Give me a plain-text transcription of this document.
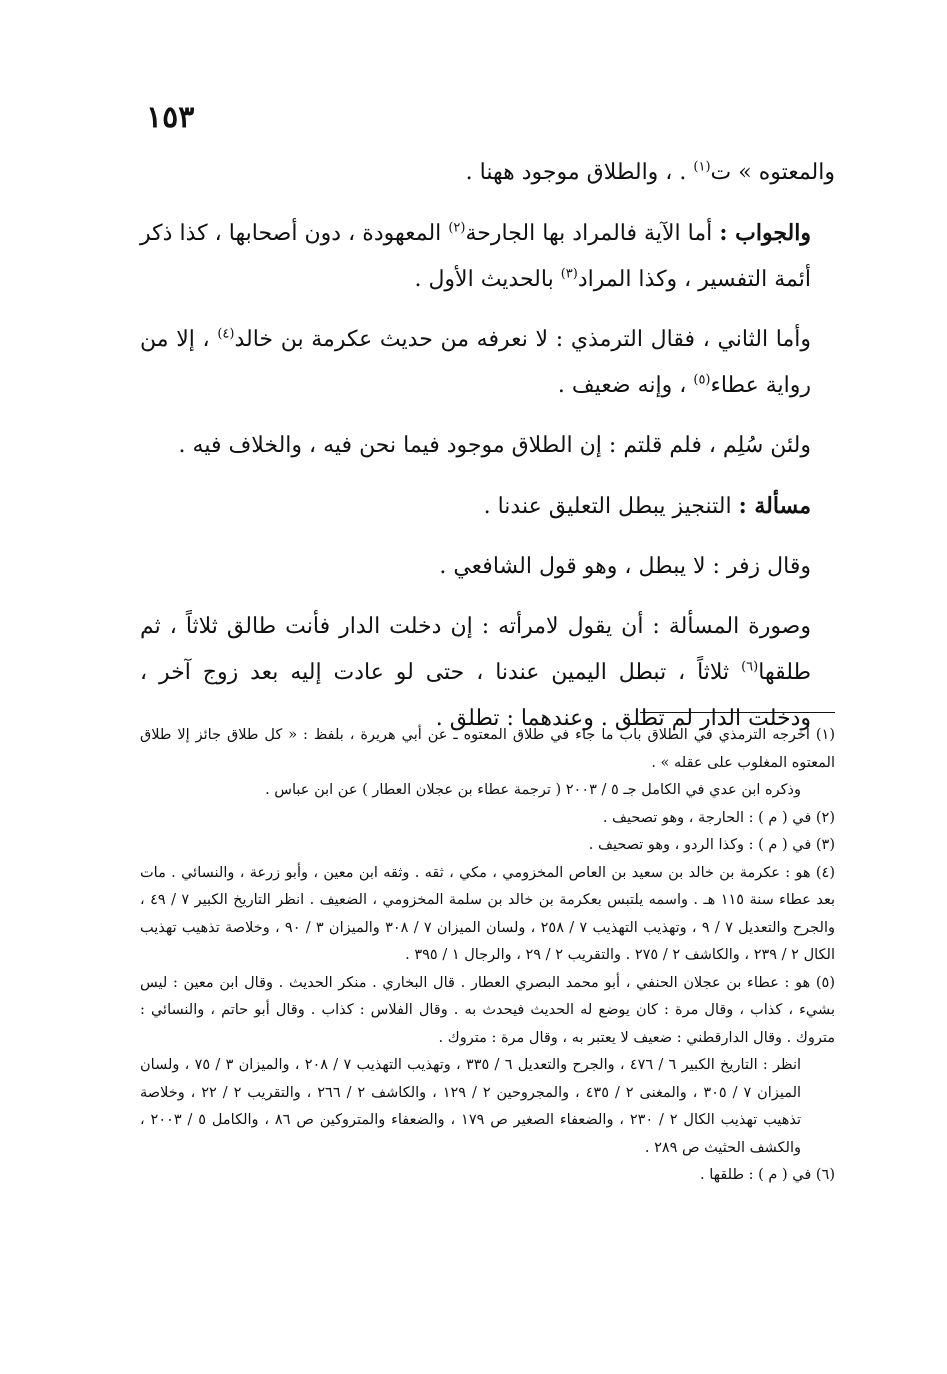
١٥٣

والمعتوه » ت$^{(١)}$ . ، والطلاق موجود ههنا .

والجواب : أما الآية فالمراد بها الجارحة$^{(٢)}$ المعهودة ، دون أصحابها ، كذا ذكر أئمة التفسير ، وكذا المراد$^{(٣)}$ بالحديث الأول .

وأما الثاني ، فقال الترمذي : لا نعرفه من حديث عكرمة بن خالد$^{(٤)}$ ، إلا من رواية عطاء$^{(٥)}$ ، وإنه ضعيف .

ولئن سُلِم ، فلم قلتم : إن الطلاق موجود فيما نحن فيه ، والخلاف فيه .

مسألة : التنجيز يبطل التعليق عندنا .

وقال زفر : لا يبطل ، وهو قول الشافعي .

وصورة المسألة : أن يقول لامرأته : إن دخلت الدار فأنت طالق ثلاثاً ، ثم طلقها$^{(٦)}$ ثلاثاً ، تبطل اليمين عندنا ، حتى لو عادت إليه بعد زوج آخر ، ودخلت الدار لم تطلق . وعندهما : تطلق .

(١) أخرجه الترمذي في الطلاق باب ما جاء في طلاق المعتوه ـ عن أبي هريرة ، بلفظ : « كل طلاق جائز إلا طلاق المعتوه المغلوب على عقله » .

وذكره ابن عدي في الكامل جـ ٥ / ٢٠٠٣ ( ترجمة عطاء بن عجلان العطار ) عن ابن عباس .

(٢) في ( م ) : الحارجة ، وهو تصحيف .

(٣) في ( م ) : وكذا الردو ، وهو تصحيف .

(٤) هو : عكرمة بن خالد بن سعيد بن العاص المخزومي ، مكي ، ثقه . وثقه ابن معين ، وأبو زرعة ، والنسائي . مات بعد عطاء سنة ١١٥ هـ . واسمه يلتبس بعكرمة بن خالد بن سلمة المخزومي ، الضعيف . انظر التاريخ الكبير ٧ / ٤٩ ، والجرح والتعديل ٧ / ٩ ، وتهذيب التهذيب ٧ / ٢٥٨ ، ولسان الميزان ٧ / ٣٠٨ والميزان ٣ / ٩٠ ، وخلاصة تذهيب تهذيب الكال ٢ / ٢٣٩ ، والكاشف ٢ / ٢٧٥ . والتقريب ٢ / ٢٩ ، والرجال ١ / ٣٩٥ .

(٥) هو : عطاء بن عجلان الحنفي ، أبو محمد البصري العطار . قال البخاري . منكر الحديث . وقال ابن معين : ليس بشيء ، كذاب ، وقال مرة : كان يوضع له الحديث فيحدث به . وقال الفلاس : كذاب . وقال أبو حاتم ، والنسائي : متروك . وقال الدارقطني : ضعيف لا يعتبر به ، وقال مرة : متروك .

انظر : التاريخ الكبير ٦ / ٤٧٦ ، والجرح والتعديل ٦ / ٣٣٥ ، وتهذيب التهذيب ٧ / ٢٠٨ ، والميزان ٣ / ٧٥ ، ولسان الميزان ٧ / ٣٠٥ ، والمغنى ٢ / ٤٣٥ ، والمجروحين ٢ / ١٢٩ ، والكاشف ٢ / ٢٦٦ ، والتقريب ٢ / ٢٢ ، وخلاصة تذهيب تهذيب الكال ٢ / ٢٣٠ ، والضعفاء الصغير ص ١٧٩ ، والضعفاء والمتروكين ص ٨٦ ، والكامل ٥ / ٢٠٠٣ ، والكشف الحثيث ص ٢٨٩ .

(٦) في ( م ) : طلقها .
